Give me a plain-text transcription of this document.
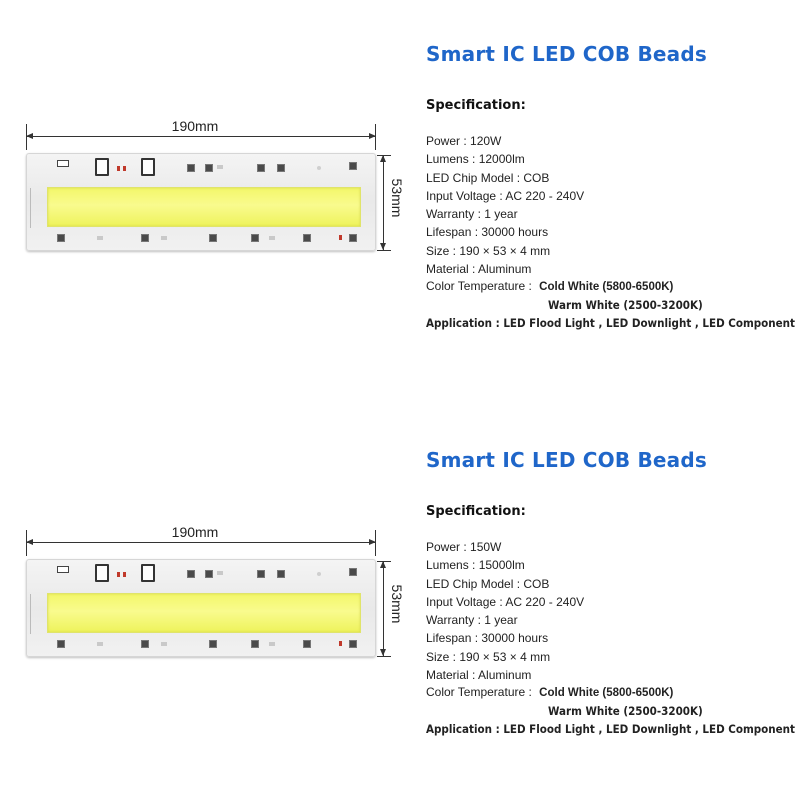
190mm
53mm
Smart IC LED COB Beads
Specification:
Power : 120W
Lumens : 12000lm
LED Chip Model : COB
Input Voltage : AC 220 - 240V
Warranty : 1 year
Lifespan : 30000 hours
Size : 190 × 53 × 4 mm
Material : Aluminum
Color Temperature : Cold White (5800-6500K)
Warm White (2500-3200K)
Application : LED Flood Light , LED Downlight , LED Component
190mm
53mm
Smart IC LED COB Beads
Specification:
Power : 150W
Lumens : 15000lm
LED Chip Model : COB
Input Voltage : AC 220 - 240V
Warranty : 1 year
Lifespan : 30000 hours
Size : 190 × 53 × 4 mm
Material : Aluminum
Color Temperature : Cold White (5800-6500K)
Warm White (2500-3200K)
Application : LED Flood Light , LED Downlight , LED Component
